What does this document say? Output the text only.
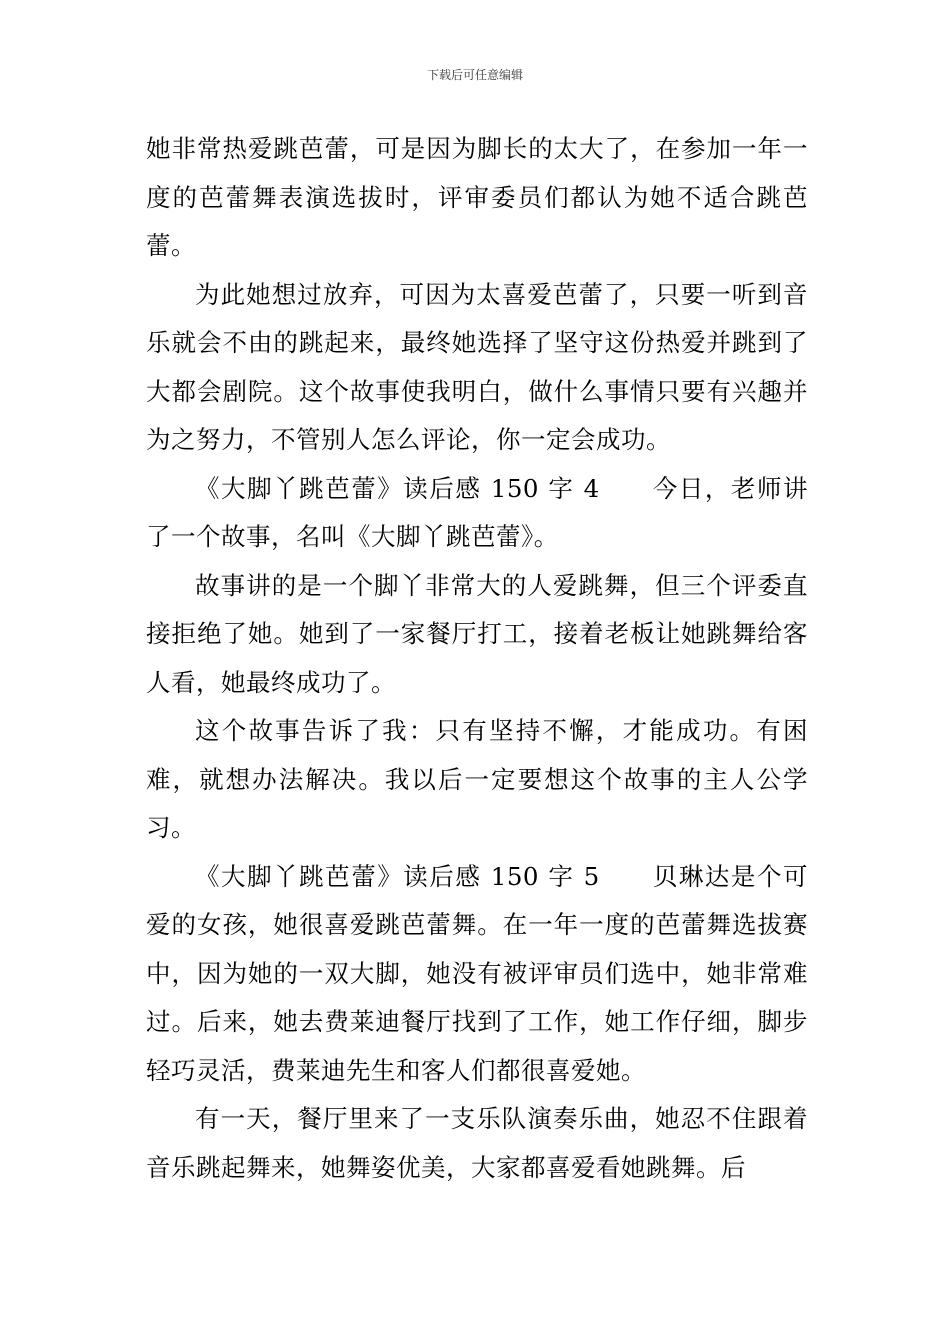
下载后可任意编辑

她非常热爱跳芭蕾，可是因为脚长的太大了，在参加一年一度的芭蕾舞表演选拔时，评审委员们都认为她不适合跳芭蕾。

为此她想过放弃，可因为太喜爱芭蕾了，只要一听到音乐就会不由的跳起来，最终她选择了坚守这份热爱并跳到了大都会剧院。这个故事使我明白，做什么事情只要有兴趣并为之努力，不管别人怎么评论，你一定会成功。

《大脚丫跳芭蕾》读后感 150 字 4 今日，老师讲了一个故事，名叫《大脚丫跳芭蕾》。

故事讲的是一个脚丫非常大的人爱跳舞，但三个评委直接拒绝了她。她到了一家餐厅打工，接着老板让她跳舞给客人看，她最终成功了。

这个故事告诉了我：只有坚持不懈，才能成功。有困难，就想办法解决。我以后一定要想这个故事的主人公学习。

《大脚丫跳芭蕾》读后感 150 字 5 贝琳达是个可爱的女孩，她很喜爱跳芭蕾舞。在一年一度的芭蕾舞选拔赛中，因为她的一双大脚，她没有被评审员们选中，她非常难过。后来，她去费莱迪餐厅找到了工作，她工作仔细，脚步轻巧灵活，费莱迪先生和客人们都很喜爱她。

有一天，餐厅里来了一支乐队演奏乐曲，她忍不住跟着音乐跳起舞来，她舞姿优美，大家都喜爱看她跳舞。后
